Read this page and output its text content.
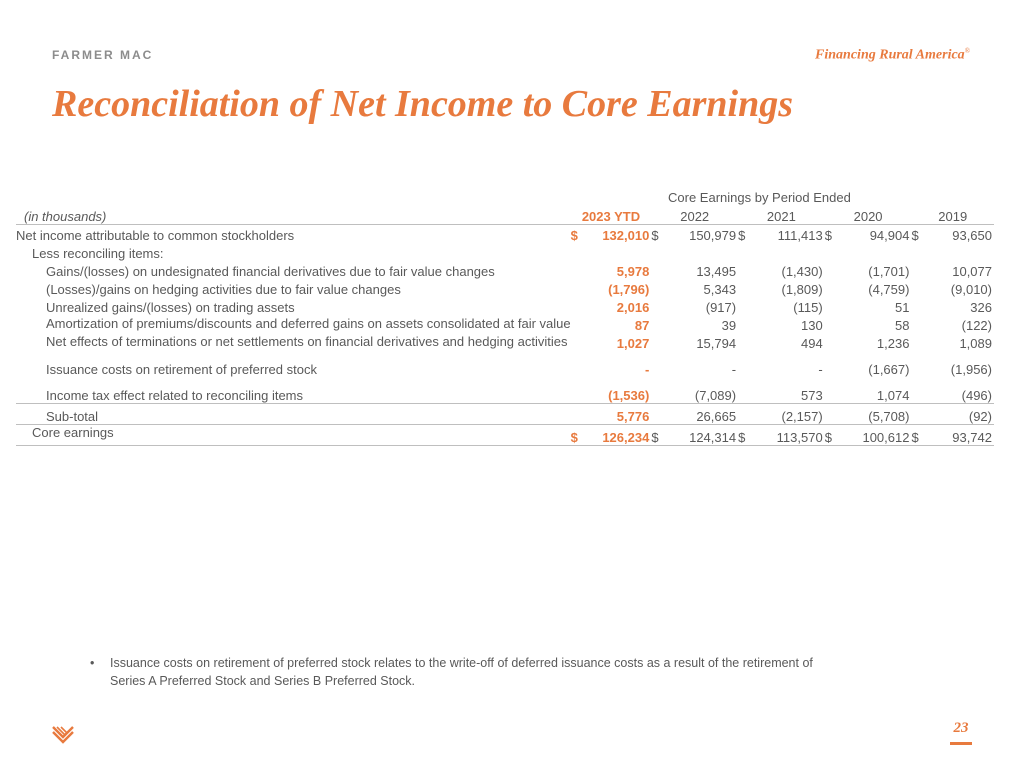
FARMER MAC	Financing Rural America®
Reconciliation of Net Income to Core Earnings
Core Earnings by Period Ended
(in thousands)	2023 YTD		2022		2021		2020		2019	
Net income attributable to common stockholders	$	132,010	$	150,979	$	111,413	$	94,904	$	93,650
Less reconciling items:										
Gains/(losses) on undesignated financial derivatives due to fair value changes		5,978		13,495		(1,430)		(1,701)		10,077
(Losses)/gains on hedging activities due to fair value changes		(1,796)		5,343		(1,809)		(4,759)		(9,010)
Unrealized gains/(losses) on trading assets		2,016		(917)		(115)		51		326
Amortization of premiums/discounts and deferred gains on assets consolidated at fair value		87		39		130		58		(122)
Net effects of terminations or net settlements on financial derivatives and hedging activities		1,027		15,794		494		1,236		1,089
Issuance costs on retirement of preferred stock		-		-		-		(1,667)		(1,956)
Income tax effect related to reconciling items		(1,536)		(7,089)		573		1,074		(496)
Sub-total		5,776		26,665		(2,157)		(5,708)		(92)
Core earnings	$	126,234	$	124,314	$	113,570	$	100,612	$	93,742
•	Issuance costs on retirement of preferred stock relates to the write-off of deferred issuance costs as a result of the retirement of Series A Preferred Stock and Series B Preferred Stock.
23
